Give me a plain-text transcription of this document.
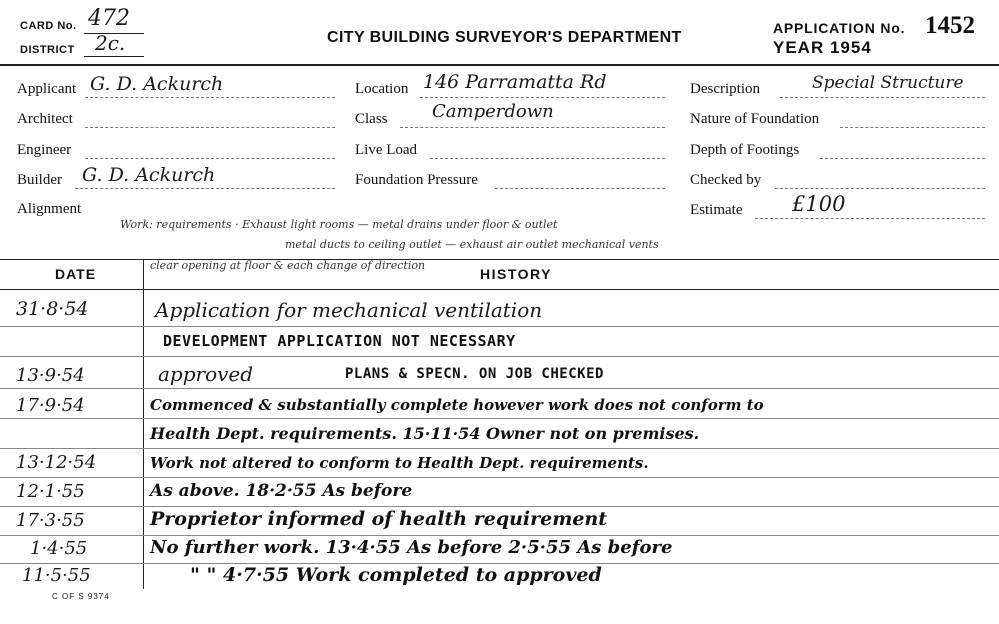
CARD No. 472
DISTRICT 2c.	CITY BUILDING SURVEYOR'S DEPARTMENT
APPLICATION No. 1452
YEAR 1954
Applicant G. D. Ackurch
Architect
Engineer
Builder G. D. Ackurch
Alignment
Location 146 Parramatta Rd
Class Camperdown
Live Load
Foundation Pressure
Description	Special Structure
Nature of Foundation
Depth of Footings
Checked by
Estimate £100
Work: requirements · Exhaust light rooms — metal drains under floor & outlet
metal ducts to ceiling outlet — exhaust air outlet mechanical vents
clear opening at floor & each change of direction
DATE	HISTORY
31·8·54	Application for mechanical ventilation
DEVELOPMENT APPLICATION NOT NECESSARY
13·9·54	approved	PLANS & SPECN. ON JOB CHECKED
17·9·54	Commenced & substantially complete however work does not conform to
Health Dept. requirements. 15·11·54 Owner not on premises.
13·12·54	Work not altered to conform to Health Dept. requirements.
12·1·55	As above. 18·2·55 As before
17·3·55	Proprietor informed of health requirement
1·4·55	No further work. 13·4·55 As before 2·5·55 As before
11·5·55	" " 4·7·55 Work completed to approved
C OF S 9374
